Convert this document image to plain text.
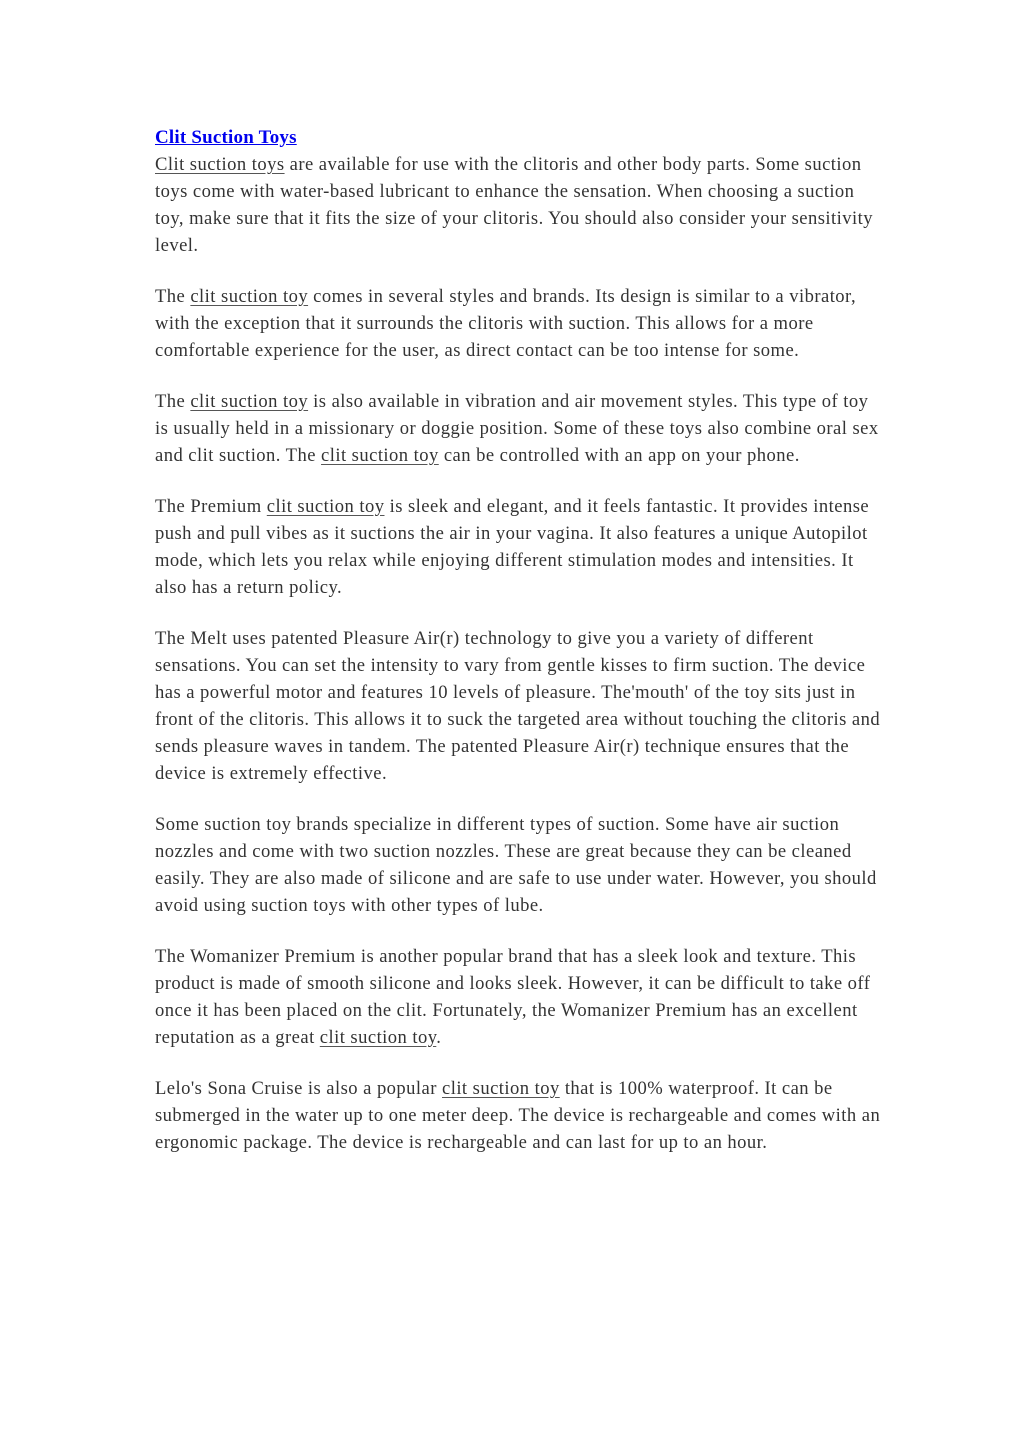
Clit Suction Toys

Clit suction toys are available for use with the clitoris and other body parts. Some suction toys come with water-based lubricant to enhance the sensation. When choosing a suction toy, make sure that it fits the size of your clitoris. You should also consider your sensitivity level.

The clit suction toy comes in several styles and brands. Its design is similar to a vibrator, with the exception that it surrounds the clitoris with suction. This allows for a more comfortable experience for the user, as direct contact can be too intense for some.

The clit suction toy is also available in vibration and air movement styles. This type of toy is usually held in a missionary or doggie position. Some of these toys also combine oral sex and clit suction. The clit suction toy can be controlled with an app on your phone.

The Premium clit suction toy is sleek and elegant, and it feels fantastic. It provides intense push and pull vibes as it suctions the air in your vagina. It also features a unique Autopilot mode, which lets you relax while enjoying different stimulation modes and intensities. It also has a return policy.

The Melt uses patented Pleasure Air(r) technology to give you a variety of different sensations. You can set the intensity to vary from gentle kisses to firm suction. The device has a powerful motor and features 10 levels of pleasure. The'mouth' of the toy sits just in front of the clitoris. This allows it to suck the targeted area without touching the clitoris and sends pleasure waves in tandem. The patented Pleasure Air(r) technique ensures that the device is extremely effective.

Some suction toy brands specialize in different types of suction. Some have air suction nozzles and come with two suction nozzles. These are great because they can be cleaned easily. They are also made of silicone and are safe to use under water. However, you should avoid using suction toys with other types of lube.

The Womanizer Premium is another popular brand that has a sleek look and texture. This product is made of smooth silicone and looks sleek. However, it can be difficult to take off once it has been placed on the clit. Fortunately, the Womanizer Premium has an excellent reputation as a great clit suction toy.

Lelo's Sona Cruise is also a popular clit suction toy that is 100% waterproof. It can be submerged in the water up to one meter deep. The device is rechargeable and comes with an ergonomic package. The device is rechargeable and can last for up to an hour.
